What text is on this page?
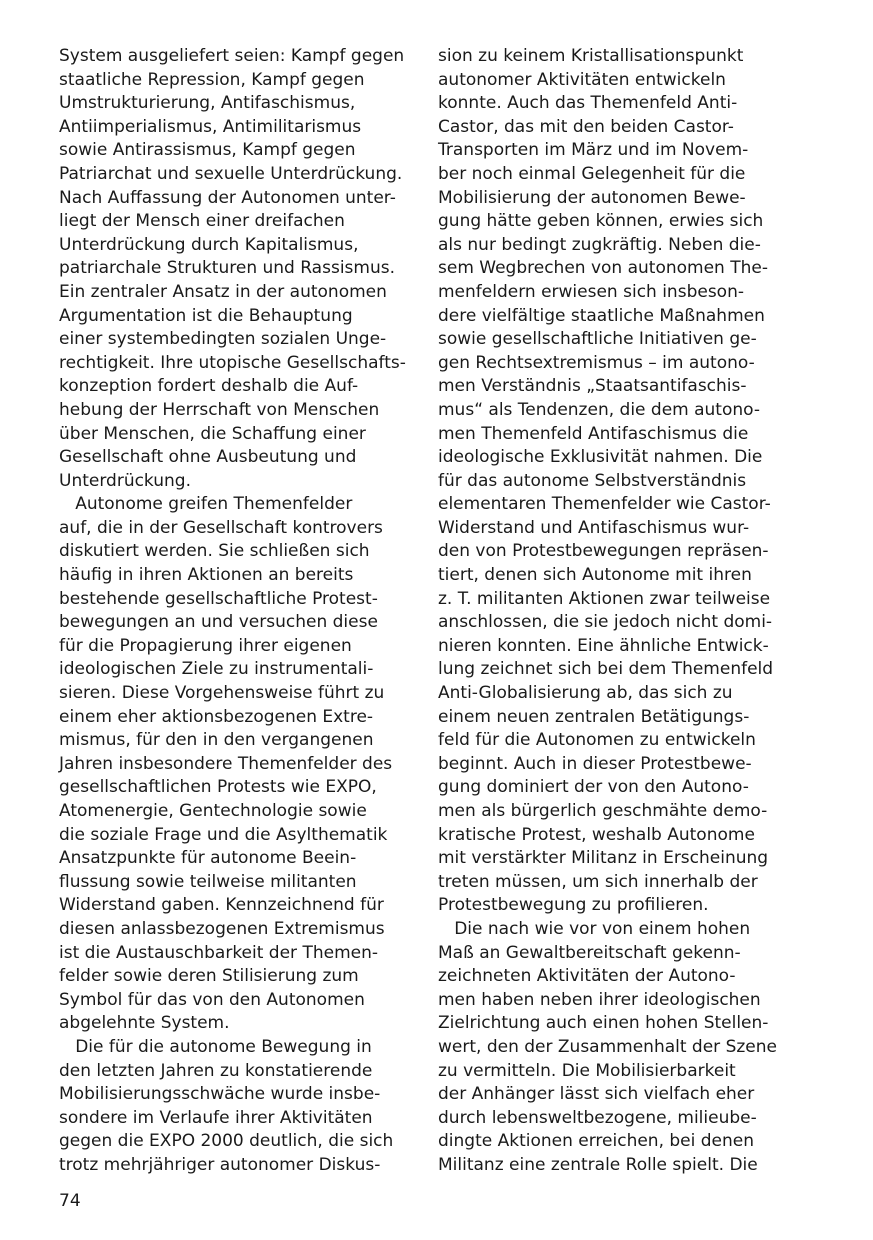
System ausgeliefert seien: Kampf gegen
staatliche Repression, Kampf gegen
Umstrukturierung, Antifaschismus,
Antiimperialismus, Antimilitarismus
sowie Antirassismus, Kampf gegen
Patriarchat und sexuelle Unterdrückung.
Nach Auffassung der Autonomen unter-
liegt der Mensch einer dreifachen
Unterdrückung durch Kapitalismus,
patriarchale Strukturen und Rassismus.
Ein zentraler Ansatz in der autonomen
Argumentation ist die Behauptung
einer systembedingten sozialen Unge-
rechtigkeit. Ihre utopische Gesellschafts-
konzeption fordert deshalb die Auf-
hebung der Herrschaft von Menschen
über Menschen, die Schaffung einer
Gesellschaft ohne Ausbeutung und
Unterdrückung.
Autonome greifen Themenfelder
auf, die in der Gesellschaft kontrovers
diskutiert werden. Sie schließen sich
häufig in ihren Aktionen an bereits
bestehende gesellschaftliche Protest-
bewegungen an und versuchen diese
für die Propagierung ihrer eigenen
ideologischen Ziele zu instrumentali-
sieren. Diese Vorgehensweise führt zu
einem eher aktionsbezogenen Extre-
mismus, für den in den vergangenen
Jahren insbesondere Themenfelder des
gesellschaftlichen Protests wie EXPO,
Atomenergie, Gentechnologie sowie
die soziale Frage und die Asylthematik
Ansatzpunkte für autonome Beein-
flussung sowie teilweise militanten
Widerstand gaben. Kennzeichnend für
diesen anlassbezogenen Extremismus
ist die Austauschbarkeit der Themen-
felder sowie deren Stilisierung zum
Symbol für das von den Autonomen
abgelehnte System.
Die für die autonome Bewegung in
den letzten Jahren zu konstatierende
Mobilisierungsschwäche wurde insbe-
sondere im Verlaufe ihrer Aktivitäten
gegen die EXPO 2000 deutlich, die sich
trotz mehrjähriger autonomer Diskus-
sion zu keinem Kristallisationspunkt
autonomer Aktivitäten entwickeln
konnte. Auch das Themenfeld Anti-
Castor, das mit den beiden Castor-
Transporten im März und im Novem-
ber noch einmal Gelegenheit für die
Mobilisierung der autonomen Bewe-
gung hätte geben können, erwies sich
als nur bedingt zugkräftig. Neben die-
sem Wegbrechen von autonomen The-
menfeldern erwiesen sich insbeson-
dere vielfältige staatliche Maßnahmen
sowie gesellschaftliche Initiativen ge-
gen Rechtsextremismus – im autono-
men Verständnis „Staatsantifaschis-
mus“ als Tendenzen, die dem autono-
men Themenfeld Antifaschismus die
ideologische Exklusivität nahmen. Die
für das autonome Selbstverständnis
elementaren Themenfelder wie Castor-
Widerstand und Antifaschismus wur-
den von Protestbewegungen repräsen-
tiert, denen sich Autonome mit ihren
z. T. militanten Aktionen zwar teilweise
anschlossen, die sie jedoch nicht domi-
nieren konnten. Eine ähnliche Entwick-
lung zeichnet sich bei dem Themenfeld
Anti-Globalisierung ab, das sich zu
einem neuen zentralen Betätigungs-
feld für die Autonomen zu entwickeln
beginnt. Auch in dieser Protestbewe-
gung dominiert der von den Autono-
men als bürgerlich geschmähte demo-
kratische Protest, weshalb Autonome
mit verstärkter Militanz in Erscheinung
treten müssen, um sich innerhalb der
Protestbewegung zu profilieren.
Die nach wie vor von einem hohen
Maß an Gewaltbereitschaft gekenn-
zeichneten Aktivitäten der Autono-
men haben neben ihrer ideologischen
Zielrichtung auch einen hohen Stellen-
wert, den der Zusammenhalt der Szene
zu vermitteln. Die Mobilisierbarkeit
der Anhänger lässt sich vielfach eher
durch lebensweltbezogene, milieube-
dingte Aktionen erreichen, bei denen
Militanz eine zentrale Rolle spielt. Die
74
